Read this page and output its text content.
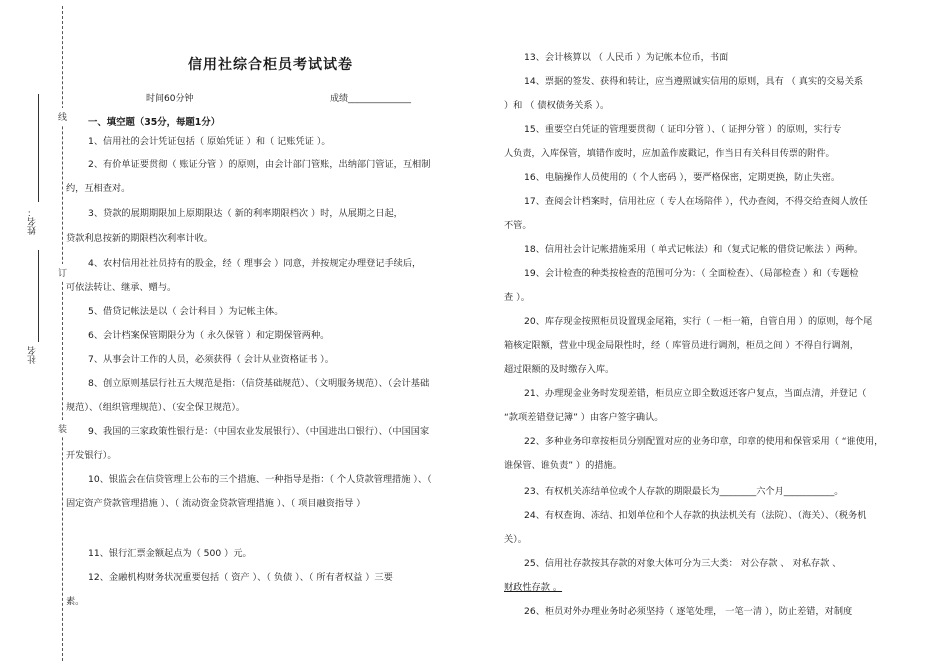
线
订
装
姓名：
社名
信用社综合柜员考试试卷
时间60分钟	成绩______________
一、填空题（35分，每题1分）

1、信用社的会计凭证包括（ 原始凭证 ）和（ 记账凭证 ）。

2、有价单证要贯彻（ 账证分管 ）的原则，由会计部门管账，出纳部门管证，互相制

约，互相查对。

3、贷款的展期期限加上原期限达（ 新的利率期限档次 ）时，从展期之日起，

贷款利息按新的期限档次利率计收。

4、农村信用社社员持有的股金，经（ 理事会 ）同意，并按规定办理登记手续后，

可依法转让、继承、赠与。

5、借贷记帐法是以（ 会计科目 ）为记帐主体。

6、会计档案保管期限分为（ 永久保管 ）和定期保管两种。

7、从事会计工作的人员，必须获得（ 会计从业资格证书 ）。

8、创立原则基层行社五大规范是指：（信贷基础规范）、（文明服务规范）、（会计基础

规范）、（组织管理规范）、（安全保卫规范）。

9、我国的三家政策性银行是：（中国农业发展银行）、（中国进出口银行）、（中国国家

开发银行）。

10、银监会在信贷管理上公布的三个措施、一种指导是指：（ 个人贷款管理措施 ）、（

固定资产贷款管理措施 ）、（ 流动资金贷款管理措施 ）、（ 项目融资指导 ）

11、银行汇票金额起点为（ 500 ）元。

12、金融机构财务状况重要包括（ 资产 ）、（ 负债 ）、（ 所有者权益 ）三要

素。

13、会计核算以 （ 人民币 ）为记帐本位币，书面

14、票据的签发、获得和转让，应当遵照诚实信用的原则，具有 （ 真实的交易关系

）和 （ 债权债务关系 ）。

15、重要空白凭证的管理要贯彻（ 证印分管 ）、（ 证押分管 ）的原则，实行专

人负责，入库保管，填错作废时，应加盖作废戳记，作当日有关科目传票的附件。

16、电脑操作人员使用的（ 个人密码 ），要严格保密，定期更换，防止失密。

17、查阅会计档案时，信用社应（ 专人在场陪伴 ），代办查阅，不得交给查阅人放任

不管。

18、信用社会计记帐措施采用（ 单式记帐法）和（复式记帐的借贷记帐法 ）两种。

19、会计检查的种类按检查的范围可分为：（ 全面检查）、（局部检查 ）和（专题检

查 ）。

20、库存现金按照柜员设置现金尾箱，实行（ 一柜一箱，自管自用 ）的原则，每个尾

箱核定限额，营业中现金局限性时，经（ 库管员进行调剂，柜员之间 ）不得自行调剂，

超过限额的及时缴存入库。

21、办理现金业务时发现差错，柜员应立即全数返还客户复点，当面点清，并登记（

“款项差错登记簿” ）由客户签字确认。

22、多种业务印章按柜员分别配置对应的业务印章，印章的使用和保管采用（ “谁使用，

谁保管、谁负责” ）的措施。

23、有权机关冻结单位或个人存款的期限最长为________六个月___________。

24、有权查询、冻结、扣划单位和个人存款的执法机关有（法院）、（海关）、（税务机

关）。

25、信用社存款按其存款的对象大体可分为三大类： 对公存款 、 对私存款 、

财政性存款 。

26、柜员对外办理业务时必须坚持（ 逐笔处理， 一笔一清 ），防止差错，对制度
